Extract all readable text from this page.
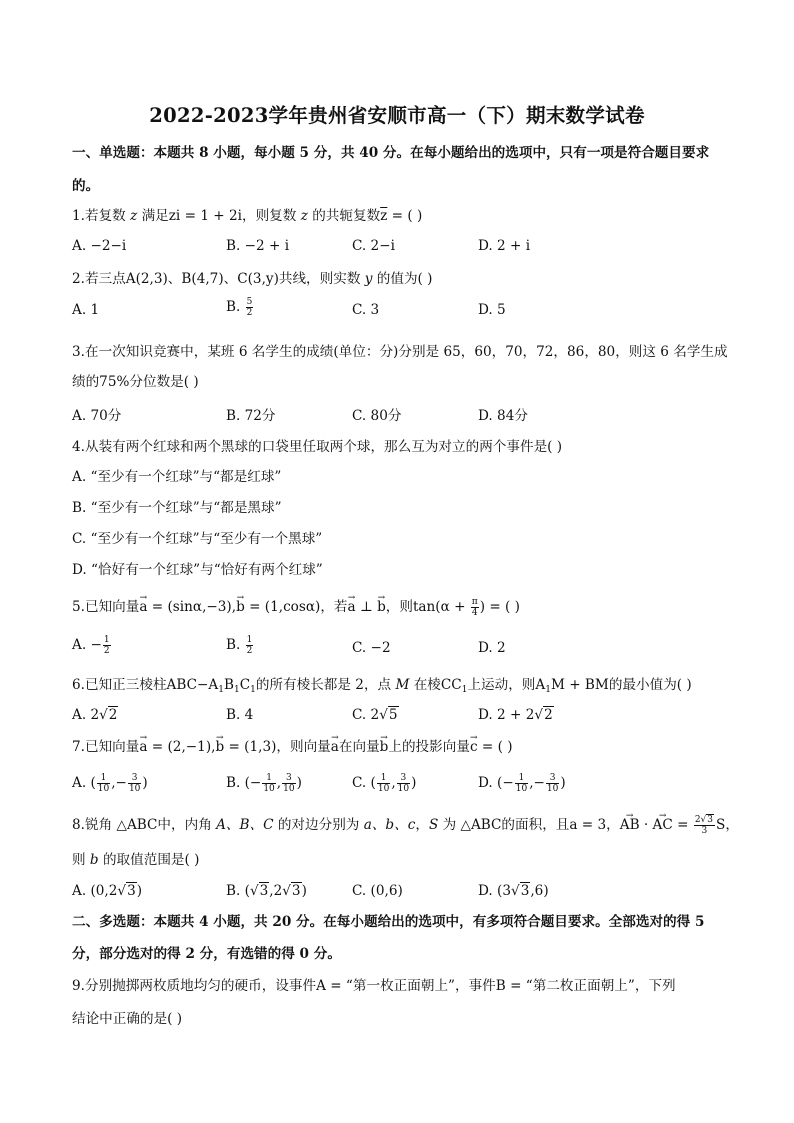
2022-2023学年贵州省安顺市高一（下）期末数学试卷
一、单选题：本题共 8 小题，每小题 5 分，共 40 分。在每小题给出的选项中，只有一项是符合题目要求
的。
1.若复数 z 满足zi = 1 + 2i，则复数 z 的共轭复数$\overline{z}$ = ( )
A. −2−i	B. −2 + i	C. 2−i	D. 2 + i
2.若三点A(2,3)、B(4,7)、C(3,y)共线，则实数 y 的值为( )
A. 1	B. $\frac{5}{2}$	C. 3	D. 5
3.在一次知识竞赛中，某班 6 名学生的成绩(单位：分)分别是 65，60，70，72，86，80，则这 6 名学生成
绩的75%分位数是( )
A. 70分	B. 72分	C. 80分	D. 84分
4.从装有两个红球和两个黑球的口袋里任取两个球，那么互为对立的两个事件是( )
A. “至少有一个红球”与“都是红球”
B. “至少有一个红球”与“都是黑球”
C. “至少有一个红球”与“至少有一个黑球”
D. “恰好有一个红球”与“恰好有两个红球”
5.已知向量→ a = (sinα,−3),→ b = (1,cosα)，若→ a ⊥ → b，则$\tan(\alpha + \frac{\pi}{4}$ ) = ( )
A. − $\frac{1}{2}$	B. $\frac{1}{2}$	C. −2	D. 2
6.已知正三棱柱$ABC-A_1B_1C_1$的所有棱长都是 2，点 M 在棱$CC_1$上运动，则$A_1M$ + BM的最小值为( )
A. 2√2	B. 4	C. 2√5	D. 2 + 2√2
7.已知向量→ a = (2,−1),→ b = (1,3)，则向量→ a在向量→ b上的投影向量→ c = ( )
A. ( $\frac{1}{10}$ ,− $\frac{3}{10}$ )	B. (− $\frac{1}{10}$ , $\frac{3}{10}$ )	C. ( $\frac{1}{10}$ , $\frac{3}{10}$ )	D. (− $\frac{1}{10}$ ,− $\frac{3}{10}$ )
8.锐角 △ABC中，内角 A、B、C 的对边分别为 a、b、c，S 为 △ABC的面积，且a = 3，→ AB · → AC = $\frac{2√3}{3}$ S，
则 b 的取值范围是( )
A. (0,2√3)	B. (√3,2√3)	C. (0,6)	D. (3√3,6)
二、多选题：本题共 4 小题，共 20 分。在每小题给出的选项中，有多项符合题目要求。全部选对的得 5
分，部分选对的得 2 分，有选错的得 0 分。
9.分别抛掷两枚质地均匀的硬币，设事件A = “第一枚正面朝上”，事件B = “第二枚正面朝上”，下列
结论中正确的是( )
